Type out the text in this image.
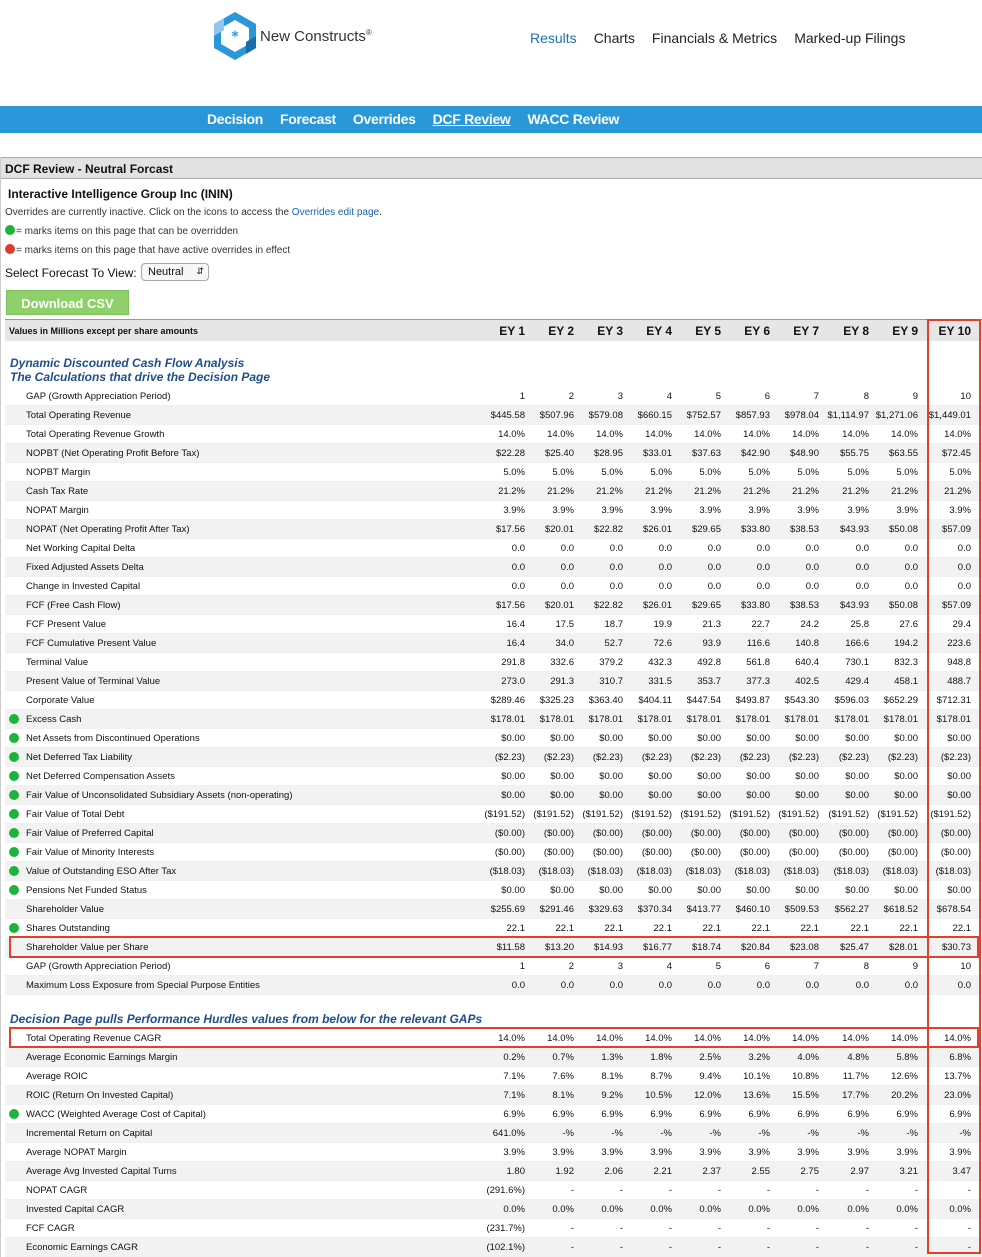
* New Constructs®	Results Charts Financials & Metrics Marked-up Filings
Decision Forecast Overrides DCF Review WACC Review
DCF Review - Neutral Forcast
Interactive Intelligence Group Inc (ININ)
Overrides are currently inactive. Click on the icons to access the Overrides edit page.
= marks items on this page that can be overridden
= marks items on this page that have active overrides in effect
Select Forecast To View:	Neutral ⇵
Download CSV
Values in Millions except per share amounts	EY 1	EY 2	EY 3	EY 4	EY 5	EY 6	EY 7	EY 8	EY 9	EY 10
Dynamic Discounted Cash Flow Analysis
The Calculations that drive the Decision Page
GAP (Growth Appreciation Period)	1	2	3	4	5	6	7	8	9	10
Total Operating Revenue	$445.58	$507.96	$579.08	$660.15	$752.57	$857.93	$978.04 $1,114.97 $1,271.06	$1,449.01
Total Operating Revenue Growth	14.0%	14.0%	14.0%	14.0%	14.0%	14.0%	14.0%	14.0%	14.0%	14.0%
NOPBT (Net Operating Profit Before Tax)	$22.28	$25.40	$28.95	$33.01	$37.63	$42.90	$48.90	$55.75	$63.55	$72.45
NOPBT Margin	5.0%	5.0%	5.0%	5.0%	5.0%	5.0%	5.0%	5.0%	5.0%	5.0%
Cash Tax Rate	21.2%	21.2%	21.2%	21.2%	21.2%	21.2%	21.2%	21.2%	21.2%	21.2%
NOPAT Margin	3.9%	3.9%	3.9%	3.9%	3.9%	3.9%	3.9%	3.9%	3.9%	3.9%
NOPAT (Net Operating Profit After Tax)	$17.56	$20.01	$22.82	$26.01	$29.65	$33.80	$38.53	$43.93	$50.08	$57.09
Net Working Capital Delta	0.0	0.0	0.0	0.0	0.0	0.0	0.0	0.0	0.0	0.0
Fixed Adjusted Assets Delta	0.0	0.0	0.0	0.0	0.0	0.0	0.0	0.0	0.0	0.0
Change in Invested Capital	0.0	0.0	0.0	0.0	0.0	0.0	0.0	0.0	0.0	0.0
FCF (Free Cash Flow)	$17.56	$20.01	$22.82	$26.01	$29.65	$33.80	$38.53	$43.93	$50.08	$57.09
FCF Present Value	16.4	17.5	18.7	19.9	21.3	22.7	24.2	25.8	27.6	29.4
FCF Cumulative Present Value	16.4	34.0	52.7	72.6	93.9	116.6	140.8	166.6	194.2	223.6
Terminal Value	291.8	332.6	379.2	432.3	492.8	561.8	640.4	730.1	832.3	948.8
Present Value of Terminal Value	273.0	291.3	310.7	331.5	353.7	377.3	402.5	429.4	458.1	488.7
Corporate Value	$289.46	$325.23	$363.40	$404.11	$447.54	$493.87	$543.30	$596.03	$652.29	$712.31
Excess Cash	$178.01	$178.01	$178.01	$178.01	$178.01	$178.01	$178.01	$178.01	$178.01	$178.01
Net Assets from Discontinued Operations	$0.00	$0.00	$0.00	$0.00	$0.00	$0.00	$0.00	$0.00	$0.00	$0.00
Net Deferred Tax Liability	($2.23)	($2.23)	($2.23)	($2.23)	($2.23)	($2.23)	($2.23)	($2.23)	($2.23)	($2.23)
Net Deferred Compensation Assets	$0.00	$0.00	$0.00	$0.00	$0.00	$0.00	$0.00	$0.00	$0.00	$0.00
Fair Value of Unconsolidated Subsidiary Assets (non-operating)	$0.00	$0.00	$0.00	$0.00	$0.00	$0.00	$0.00	$0.00	$0.00	$0.00
Fair Value of Total Debt	($191.52) ($191.52) ($191.52) ($191.52) ($191.52) ($191.52) ($191.52) ($191.52) ($191.52)	($191.52)
Fair Value of Preferred Capital	($0.00)	($0.00)	($0.00)	($0.00)	($0.00)	($0.00)	($0.00)	($0.00)	($0.00)	($0.00)
Fair Value of Minority Interests	($0.00)	($0.00)	($0.00)	($0.00)	($0.00)	($0.00)	($0.00)	($0.00)	($0.00)	($0.00)
Value of Outstanding ESO After Tax	($18.03)	($18.03)	($18.03)	($18.03)	($18.03)	($18.03)	($18.03)	($18.03)	($18.03)	($18.03)
Pensions Net Funded Status	$0.00	$0.00	$0.00	$0.00	$0.00	$0.00	$0.00	$0.00	$0.00	$0.00
Shareholder Value	$255.69	$291.46	$329.63	$370.34	$413.77	$460.10	$509.53	$562.27	$618.52	$678.54
Shares Outstanding	22.1	22.1	22.1	22.1	22.1	22.1	22.1	22.1	22.1	22.1
Shareholder Value per Share	$11.58	$13.20	$14.93	$16.77	$18.74	$20.84	$23.08	$25.47	$28.01	$30.73
GAP (Growth Appreciation Period)	1	2	3	4	5	6	7	8	9	10
Maximum Loss Exposure from Special Purpose Entities	0.0	0.0	0.0	0.0	0.0	0.0	0.0	0.0	0.0	0.0
Decision Page pulls Performance Hurdles values from below for the relevant GAPs
Total Operating Revenue CAGR	14.0%	14.0%	14.0%	14.0%	14.0%	14.0%	14.0%	14.0%	14.0%	14.0%
Average Economic Earnings Margin	0.2%	0.7%	1.3%	1.8%	2.5%	3.2%	4.0%	4.8%	5.8%	6.8%
Average ROIC	7.1%	7.6%	8.1%	8.7%	9.4%	10.1%	10.8%	11.7%	12.6%	13.7%
ROIC (Return On Invested Capital)	7.1%	8.1%	9.2%	10.5%	12.0%	13.6%	15.5%	17.7%	20.2%	23.0%
WACC (Weighted Average Cost of Capital)	6.9%	6.9%	6.9%	6.9%	6.9%	6.9%	6.9%	6.9%	6.9%	6.9%
Incremental Return on Capital	641.0%	-%	-%	-%	-%	-%	-%	-%	-%	-%
Average NOPAT Margin	3.9%	3.9%	3.9%	3.9%	3.9%	3.9%	3.9%	3.9%	3.9%	3.9%
Average Avg Invested Capital Turns	1.80	1.92	2.06	2.21	2.37	2.55	2.75	2.97	3.21	3.47
NOPAT CAGR	(291.6%)	-	-	-	-	-	-	-	-	-
Invested Capital CAGR	0.0%	0.0%	0.0%	0.0%	0.0%	0.0%	0.0%	0.0%	0.0%	0.0%
FCF CAGR	(231.7%)	-	-	-	-	-	-	-	-	-
Economic Earnings CAGR	(102.1%)	-	-	-	-	-	-	-	-	-
